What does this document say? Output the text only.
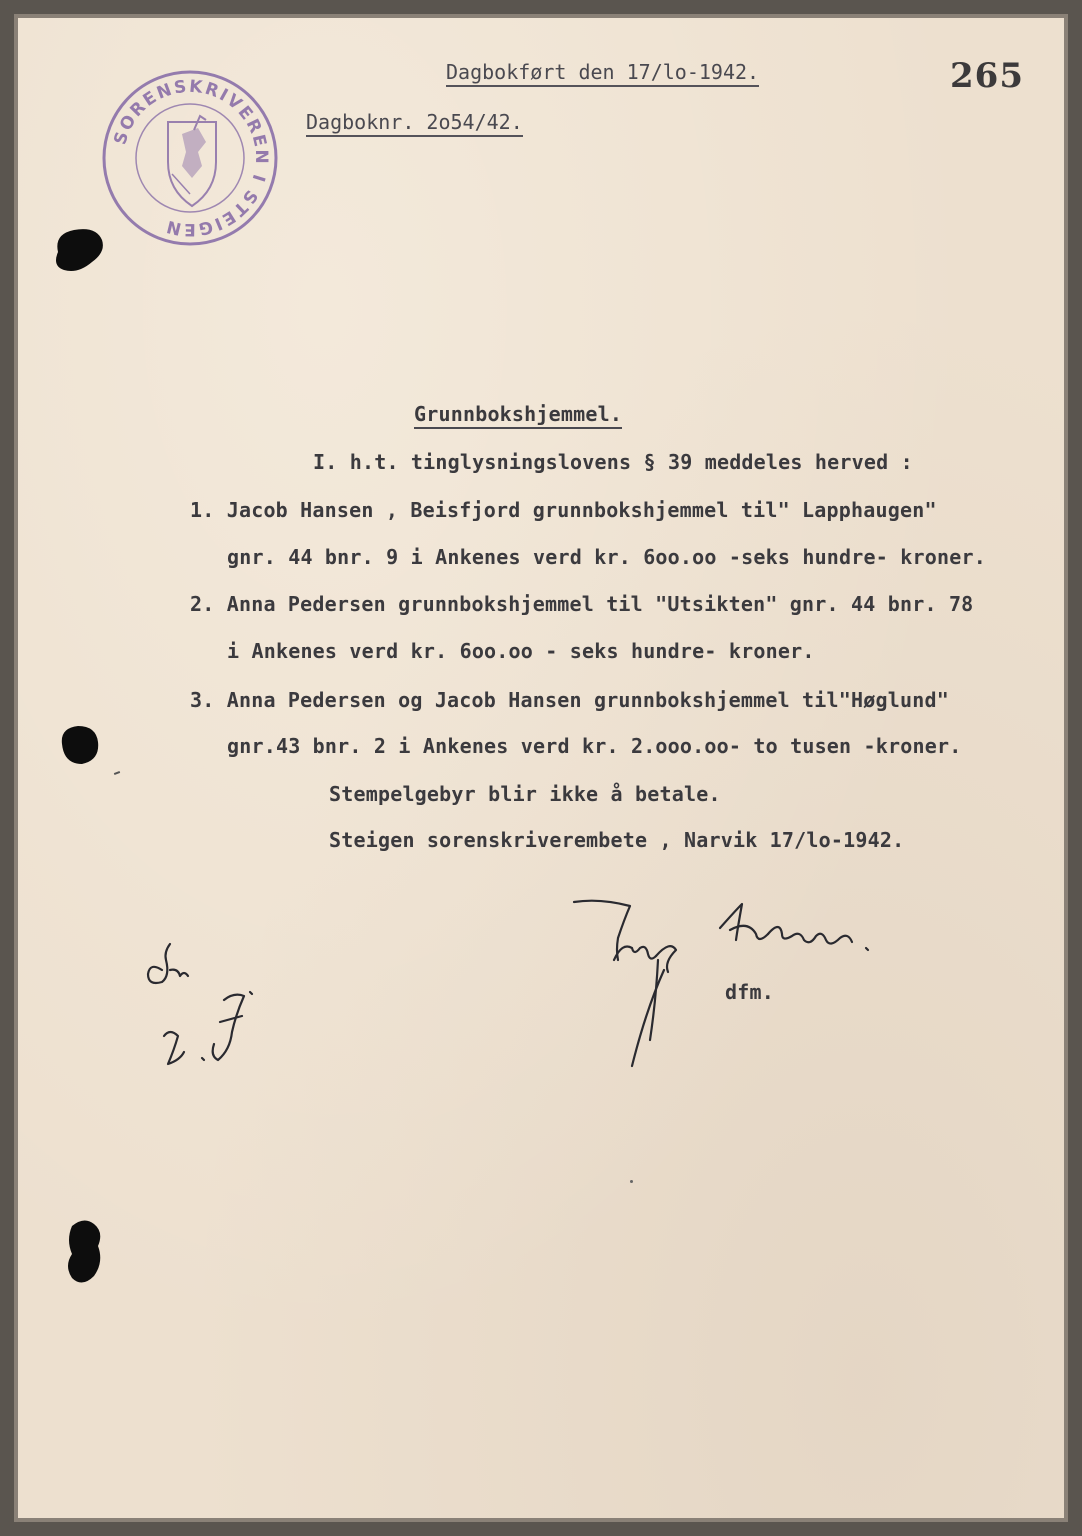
Dagbokført den 17/lo-1942.
Dagboknr. 2o54/42.
265
SORENSKRIVEREN I STEIGEN
Grunnbokshjemmel.
I. h.t. tinglysningslovens § 39 meddeles herved :
1. Jacob Hansen , Beisfjord grunnbokshjemmel til" Lapphaugen"
gnr. 44 bnr. 9 i Ankenes verd kr. 6oo.oo -seks hundre- kroner.
2. Anna Pedersen grunnbokshjemmel til "Utsikten" gnr. 44 bnr. 78
i Ankenes verd kr. 6oo.oo - seks hundre- kroner.
3. Anna Pedersen og Jacob Hansen grunnbokshjemmel til"Høglund"
gnr.43 bnr. 2 i Ankenes verd kr. 2.ooo.oo- to tusen -kroner.
Stempelgebyr blir ikke å betale.
Steigen sorenskriverembete , Narvik 17/lo-1942.
dfm.
